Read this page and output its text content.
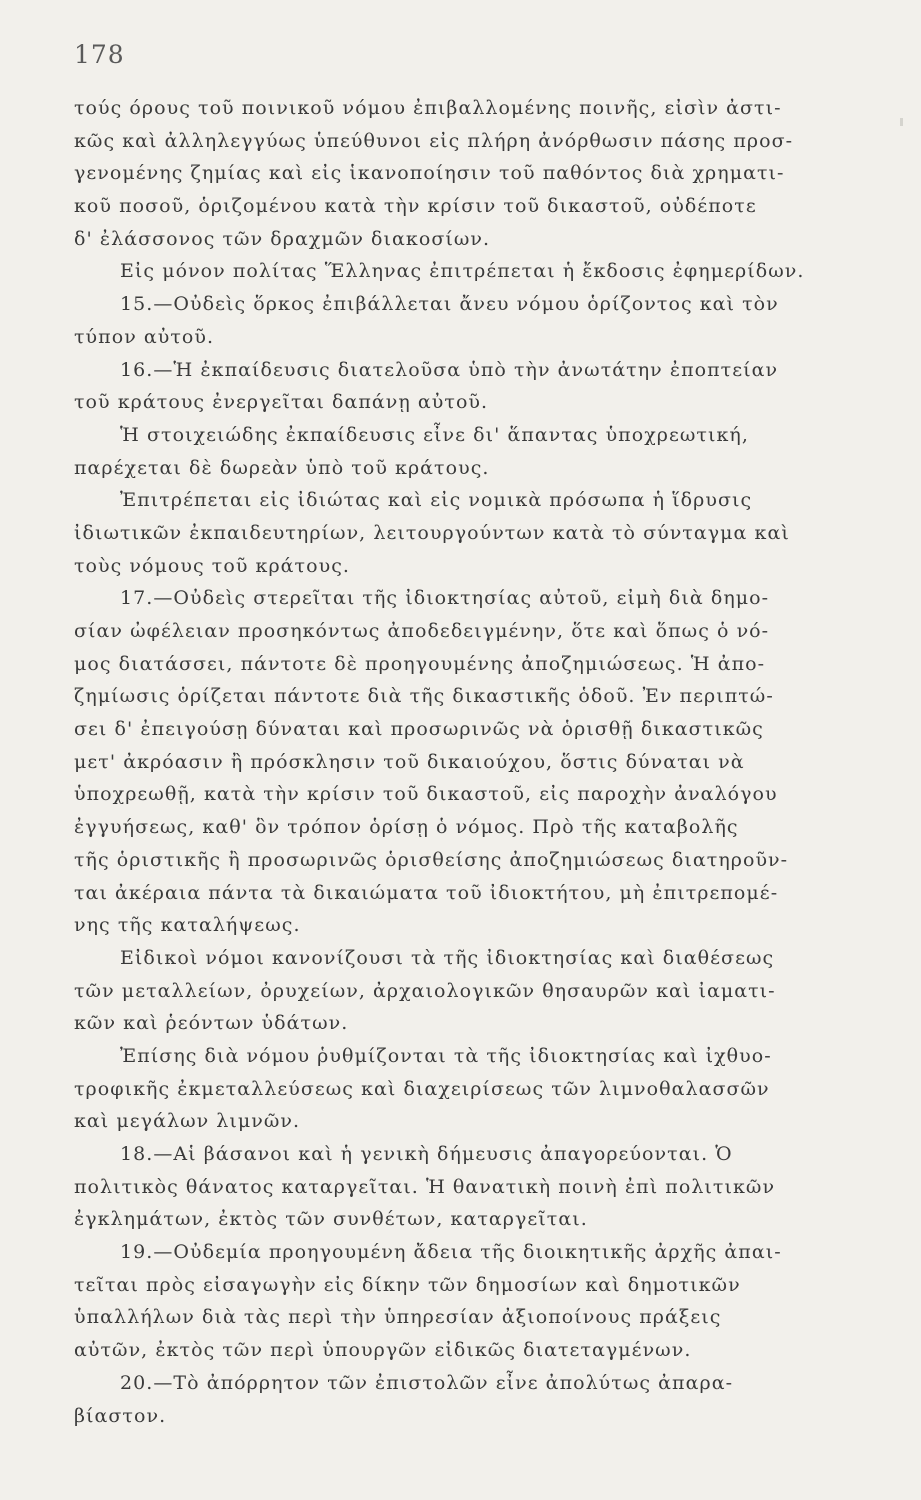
178
τούς όρους τοῦ ποινικοῦ νόμου ἐπιβαλλομένης ποινῆς, εἰσὶν ἀστι-
κῶς καὶ ἀλληλεγγύως ὑπεύθυνοι εἰς πλήρη ἀνόρθωσιν πάσης προσ-
γενομένης ζημίας καὶ εἰς ἱκανοποίησιν τοῦ παθόντος διὰ χρηματι-
κοῦ ποσοῦ, ὁριζομένου κατὰ τὴν κρίσιν τοῦ δικαστοῦ, οὐδέποτε
δ' ἐλάσσονος τῶν δραχμῶν διακοσίων.
Εἰς μόνον πολίτας Ἕλληνας ἐπιτρέπεται ἡ ἔκδοσις ἐφημερίδων.
15.—Οὐδεὶς ὅρκος ἐπιβάλλεται ἄνευ νόμου ὁρίζοντος καὶ τὸν
τύπον αὐτοῦ.
16.—Ἡ ἐκπαίδευσις διατελοῦσα ὑπὸ τὴν ἀνωτάτην ἐποπτείαν
τοῦ κράτους ἐνεργεῖται δαπάνῃ αὐτοῦ.
Ἡ στοιχειώδης ἐκπαίδευσις εἶνε δι' ἅπαντας ὑποχρεωτική,
παρέχεται δὲ δωρεὰν ὑπὸ τοῦ κράτους.
Ἐπιτρέπεται εἰς ἰδιώτας καὶ εἰς νομικὰ πρόσωπα ἡ ἵδρυσις
ἰδιωτικῶν ἐκπαιδευτηρίων, λειτουργούντων κατὰ τὸ σύνταγμα καὶ
τοὺς νόμους τοῦ κράτους.
17.—Οὐδεὶς στερεῖται τῆς ἰδιοκτησίας αὐτοῦ, εἰμὴ διὰ δημο-
σίαν ὠφέλειαν προσηκόντως ἀποδεδειγμένην, ὅτε καὶ ὅπως ὁ νό-
μος διατάσσει, πάντοτε δὲ προηγουμένης ἀποζημιώσεως. Ἡ ἀπο-
ζημίωσις ὁρίζεται πάντοτε διὰ τῆς δικαστικῆς ὁδοῦ. Ἐν περιπτώ-
σει δ' ἐπειγούσῃ δύναται καὶ προσωρινῶς νὰ ὁρισθῇ δικαστικῶς
μετ' ἀκρόασιν ἢ πρόσκλησιν τοῦ δικαιούχου, ὅστις δύναται νὰ
ὑποχρεωθῇ, κατὰ τὴν κρίσιν τοῦ δικαστοῦ, εἰς παροχὴν ἀναλόγου
ἐγγυήσεως, καθ' ὃν τρόπον ὁρίσῃ ὁ νόμος. Πρὸ τῆς καταβολῆς
τῆς ὁριστικῆς ἢ προσωρινῶς ὁρισθείσης ἀποζημιώσεως διατηροῦν-
ται ἀκέραια πάντα τὰ δικαιώματα τοῦ ἰδιοκτήτου, μὴ ἐπιτρεπομέ-
νης τῆς καταλήψεως.
Εἰδικοὶ νόμοι κανονίζουσι τὰ τῆς ἰδιοκτησίας καὶ διαθέσεως
τῶν μεταλλείων, ὀρυχείων, ἀρχαιολογικῶν θησαυρῶν καὶ ἰαματι-
κῶν καὶ ῥεόντων ὑδάτων.
Ἐπίσης διὰ νόμου ῥυθμίζονται τὰ τῆς ἰδιοκτησίας καὶ ἰχθυο-
τροφικῆς ἐκμεταλλεύσεως καὶ διαχειρίσεως τῶν λιμνοθαλασσῶν
καὶ μεγάλων λιμνῶν.
18.—Αἱ βάσανοι καὶ ἡ γενικὴ δήμευσις ἀπαγορεύονται. Ὁ
πολιτικὸς θάνατος καταργεῖται. Ἡ θανατικὴ ποινὴ ἐπὶ πολιτικῶν
ἐγκλημάτων, ἐκτὸς τῶν συνθέτων, καταργεῖται.
19.—Οὐδεμία προηγουμένη ἄδεια τῆς διοικητικῆς ἀρχῆς ἀπαι-
τεῖται πρὸς εἰσαγωγὴν εἰς δίκην τῶν δημοσίων καὶ δημοτικῶν
ὑπαλλήλων διὰ τὰς περὶ τὴν ὑπηρεσίαν ἀξιοποίνους πράξεις
αὐτῶν, ἐκτὸς τῶν περὶ ὑπουργῶν εἰδικῶς διατεταγμένων.
20.—Τὸ ἀπόρρητον τῶν ἐπιστολῶν εἶνε ἀπολύτως ἀπαρα-
βίαστον.
